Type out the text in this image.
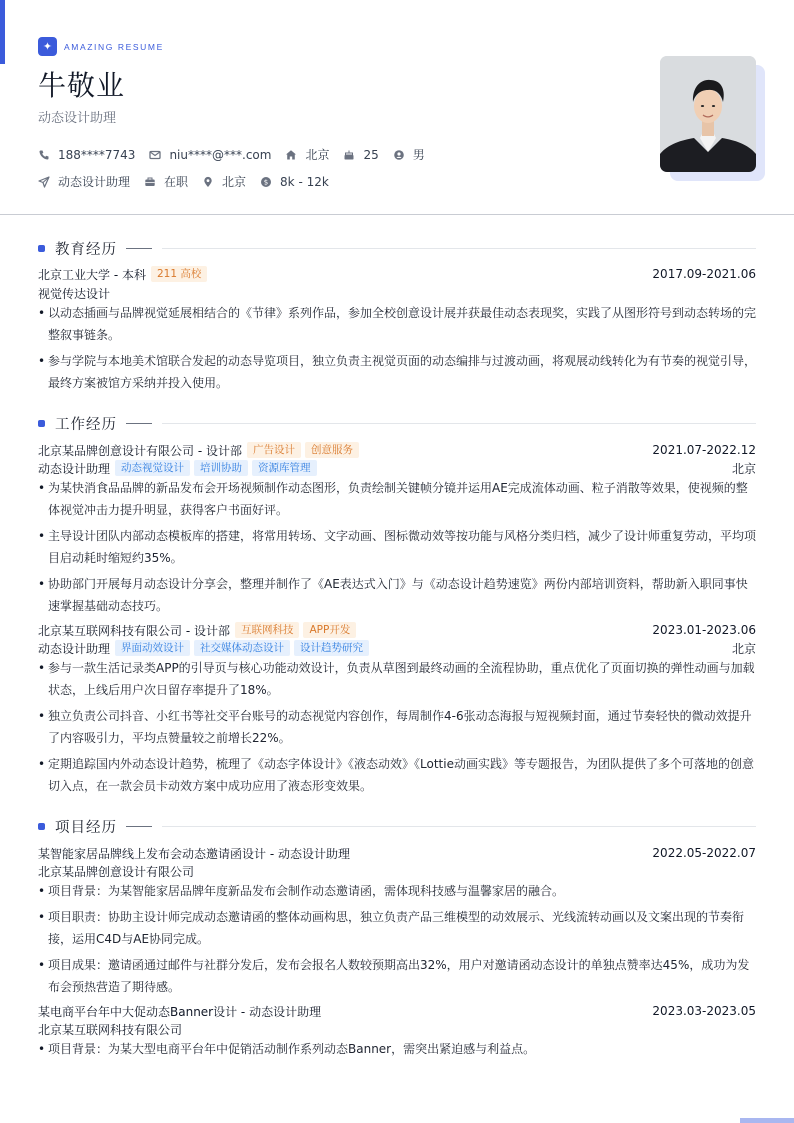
✦	AMAZING RESUME
牛敬业
动态设计助理
188****7743	niu****@***.com	北京	25	男
动态设计助理	在职	北京	$ 8k - 12k
教育经历
北京工业大学 - 本科	211 高校	2017.09-2021.06
视觉传达设计
• 以动态插画与品牌视觉延展相结合的《节律》系列作品，参加全校创意设计展并获最佳动态表现奖，实践了从图形符号到动态转场的完整叙事链条。
• 参与学院与本地美术馆联合发起的动态导览项目，独立负责主视觉页面的动态编排与过渡动画，将观展动线转化为有节奏的视觉引导，最终方案被馆方采纳并投入使用。
工作经历
北京某品牌创意设计有限公司 - 设计部	广告设计	创意服务	2021.07-2022.12
动态设计助理	动态视觉设计	培训协助	资源库管理	北京
• 为某快消食品品牌的新品发布会开场视频制作动态图形，负责绘制关键帧分镜并运用AE完成流体动画、粒子消散等效果，使视频的整体视觉冲击力提升明显，获得客户书面好评。
• 主导设计团队内部动态模板库的搭建，将常用转场、文字动画、图标微动效等按功能与风格分类归档，减少了设计师重复劳动，平均项目启动耗时缩短约35%。
• 协助部门开展每月动态设计分享会，整理并制作了《AE表达式入门》与《动态设计趋势速览》两份内部培训资料，帮助新入职同事快速掌握基础动态技巧。
北京某互联网科技有限公司 - 设计部	互联网科技	APP开发	2023.01-2023.06
动态设计助理	界面动效设计	社交媒体动态设计	设计趋势研究	北京
• 参与一款生活记录类APP的引导页与核心功能动效设计，负责从草图到最终动画的全流程协助，重点优化了页面切换的弹性动画与加载状态，上线后用户次日留存率提升了18%。
• 独立负责公司抖音、小红书等社交平台账号的动态视觉内容创作，每周制作4-6张动态海报与短视频封面，通过节奏轻快的微动效提升了内容吸引力，平均点赞量较之前增长22%。
• 定期追踪国内外动态设计趋势，梳理了《动态字体设计》《液态动效》《Lottie动画实践》等专题报告，为团队提供了多个可落地的创意切入点，在一款会员卡动效方案中成功应用了液态形变效果。
项目经历
某智能家居品牌线上发布会动态邀请函设计 - 动态设计助理	2022.05-2022.07
北京某品牌创意设计有限公司
• 项目背景：为某智能家居品牌年度新品发布会制作动态邀请函，需体现科技感与温馨家居的融合。
• 项目职责：协助主设计师完成动态邀请函的整体动画构思，独立负责产品三维模型的动效展示、光线流转动画以及文案出现的节奏衔接，运用C4D与AE协同完成。
• 项目成果：邀请函通过邮件与社群分发后，发布会报名人数较预期高出32%，用户对邀请函动态设计的单独点赞率达45%，成功为发布会预热营造了期待感。
某电商平台年中大促动态Banner设计 - 动态设计助理	2023.03-2023.05
北京某互联网科技有限公司
• 项目背景：为某大型电商平台年中促销活动制作系列动态Banner，需突出紧迫感与利益点。
